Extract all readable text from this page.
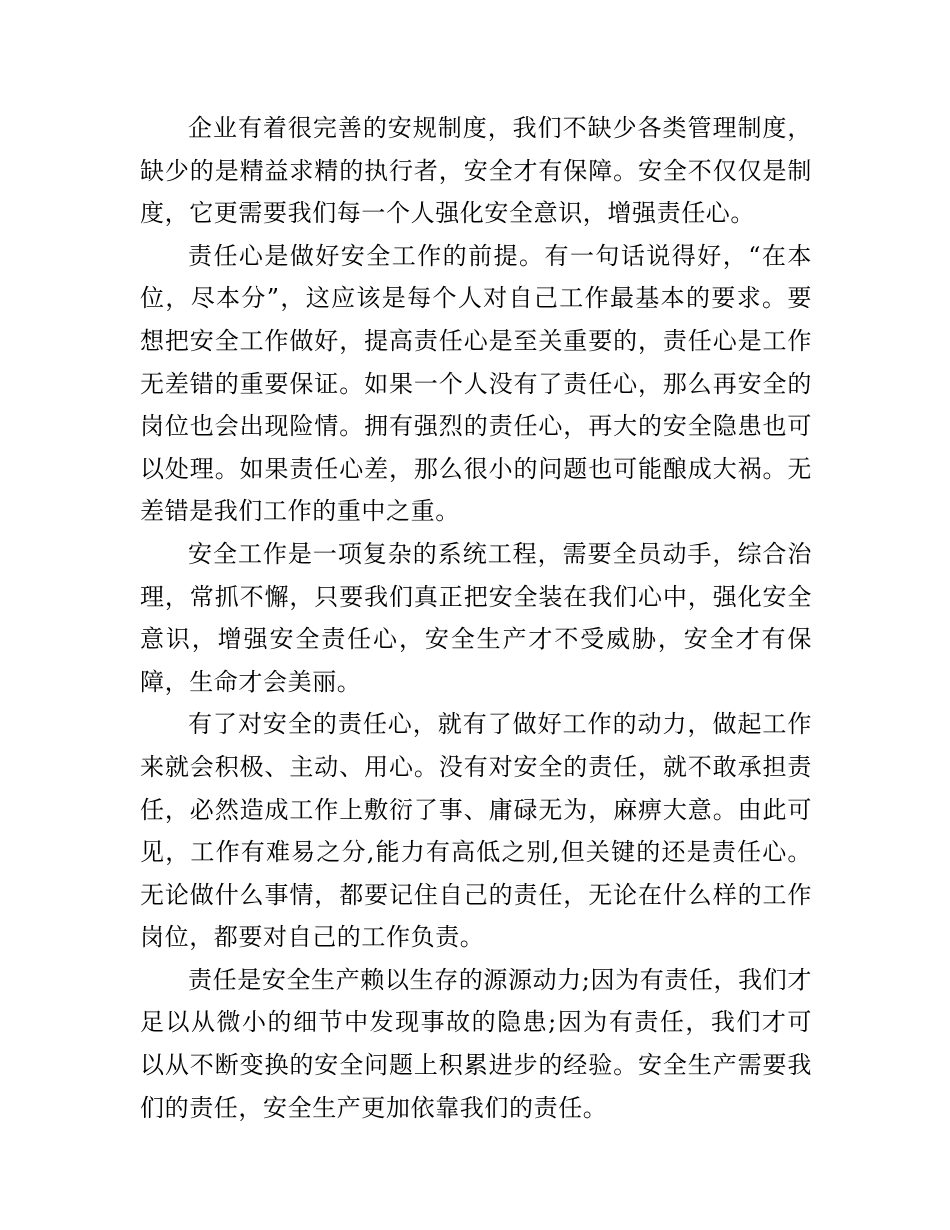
企业有着很完善的安规制度，我们不缺少各类管理制度，缺少的是精益求精的执行者，安全才有保障。安全不仅仅是制度，它更需要我们每一个人强化安全意识，增强责任心。

责任心是做好安全工作的前提。有一句话说得好，“在本位，尽本分”，这应该是每个人对自己工作最基本的要求。要想把安全工作做好，提高责任心是至关重要的，责任心是工作无差错的重要保证。如果一个人没有了责任心，那么再安全的岗位也会出现险情。拥有强烈的责任心，再大的安全隐患也可以处理。如果责任心差，那么很小的问题也可能酿成大祸。无差错是我们工作的重中之重。

安全工作是一项复杂的系统工程，需要全员动手，综合治理，常抓不懈，只要我们真正把安全装在我们心中，强化安全意识，增强安全责任心，安全生产才不受威胁，安全才有保障，生命才会美丽。

有了对安全的责任心，就有了做好工作的动力，做起工作来就会积极、主动、用心。没有对安全的责任，就不敢承担责任，必然造成工作上敷衍了事、庸碌无为，麻痹大意。由此可见，工作有难易之分,能力有高低之别,但关键的还是责任心。无论做什么事情，都要记住自己的责任，无论在什么样的工作岗位，都要对自己的工作负责。

责任是安全生产赖以生存的源源动力;因为有责任，我们才足以从微小的细节中发现事故的隐患;因为有责任，我们才可以从不断变换的安全问题上积累进步的经验。安全生产需要我们的责任，安全生产更加依靠我们的责任。
